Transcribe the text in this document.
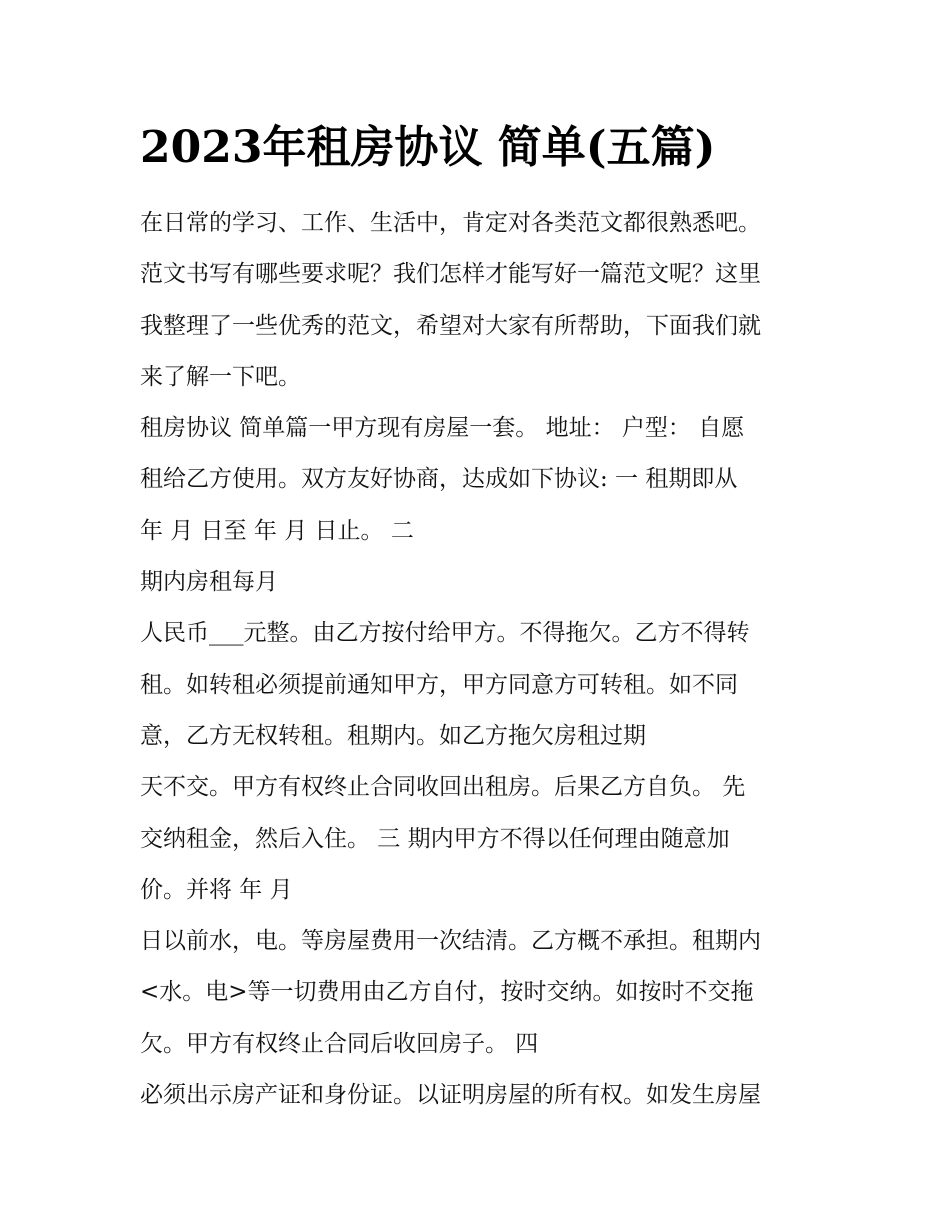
2023年租房协议 简单(五篇)

在日常的学习、工作、生活中，肯定对各类范文都很熟悉吧。

范文书写有哪些要求呢？我们怎样才能写好一篇范文呢？这里

我整理了一些优秀的范文，希望对大家有所帮助，下面我们就

来了解一下吧。

租房协议 简单篇一甲方现有房屋一套。 地址： 户型： 自愿

租给乙方使用。双方友好协商，达成如下协议: 一 租期即从

年 月 日至 年 月 日止。 二

期内房租每月

人民币___元整。由乙方按付给甲方。不得拖欠。乙方不得转

租。如转租必须提前通知甲方，甲方同意方可转租。如不同

意，乙方无权转租。租期内。如乙方拖欠房租过期

天不交。甲方有权终止合同收回出租房。后果乙方自负。 先

交纳租金，然后入住。 三 期内甲方不得以任何理由随意加

价。并将 年 月

日以前水，电。等房屋费用一次结清。乙方概不承担。租期内

<水。电>等一切费用由乙方自付，按时交纳。如按时不交拖

欠。甲方有权终止合同后收回房子。 四

必须出示房产证和身份证。以证明房屋的所有权。如发生房屋
